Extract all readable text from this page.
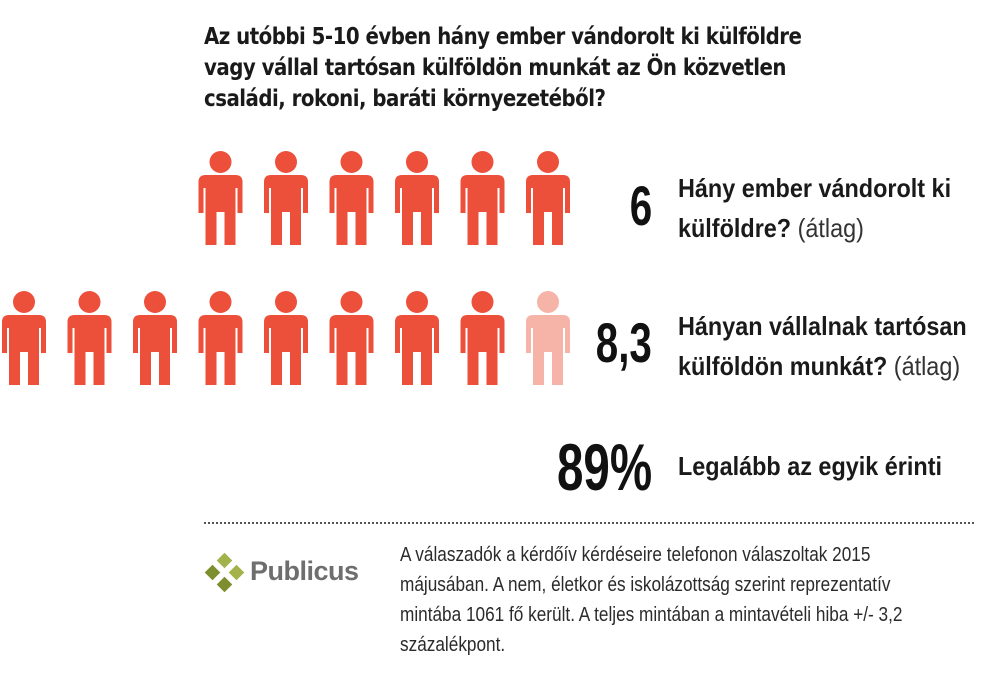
Az utóbbi 5-10 évben hány ember vándorolt ki külföldre vagy vállal tartósan külföldön munkát az Ön közvetlen családi, rokoni, baráti környezetéből?
6
8,3
89%
Hány ember vándorolt ki
külföldre? (átlag)
Hányan vállalnak tartósan
külföldön munkát? (átlag)
Legalább az egyik érinti
Publicus
A válaszadók a kérdőív kérdéseire telefonon válaszoltak 2015 májusában. A nem, életkor és iskolázottság szerint reprezentatív mintába 1061 fő került. A teljes mintában a mintavételi hiba +/- 3,2 százalékpont.
